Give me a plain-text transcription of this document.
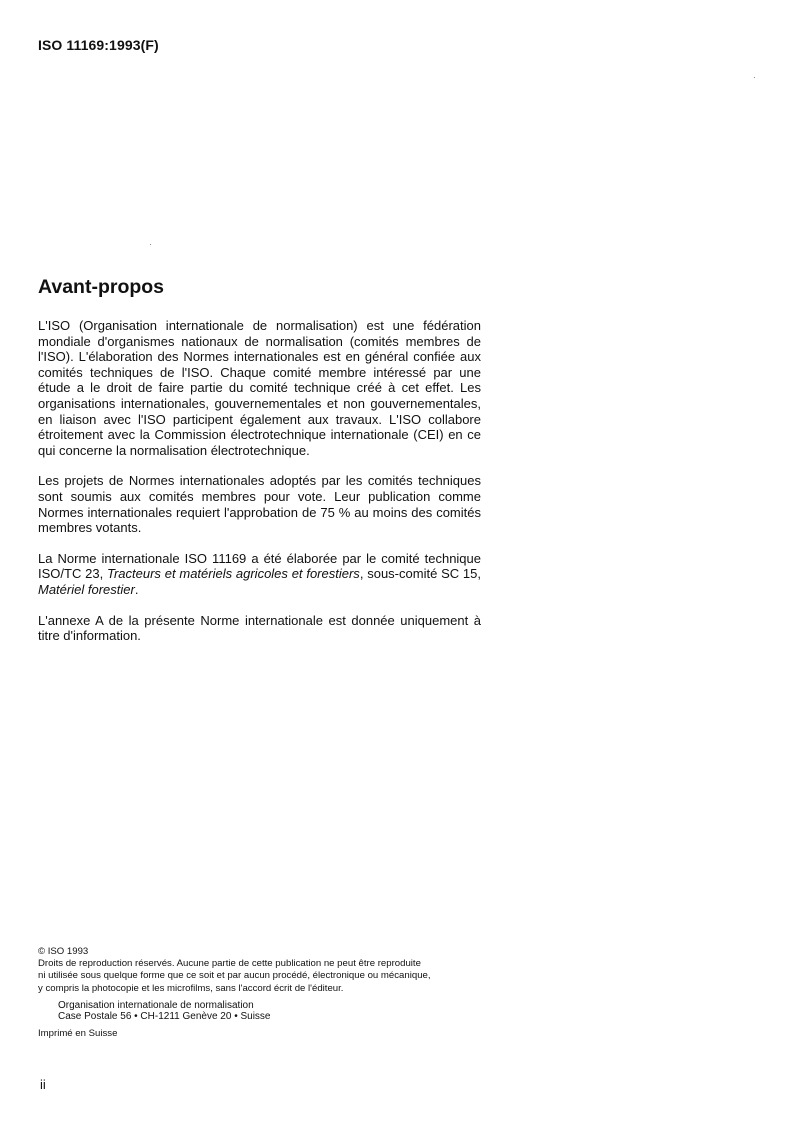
ISO 11169:1993(F)
Avant-propos

L'ISO (Organisation internationale de normalisation) est une fédération mondiale d'organismes nationaux de normalisation (comités membres de l'ISO). L'élaboration des Normes internationales est en général confiée aux comités techniques de l'ISO. Chaque comité membre intéressé par une étude a le droit de faire partie du comité technique créé à cet effet. Les organisations internationales, gouvernementales et non gouvernementales, en liaison avec l'ISO participent également aux travaux. L'ISO collabore étroitement avec la Commission électrotechnique internationale (CEI) en ce qui concerne la normalisation électrotechnique.

Les projets de Normes internationales adoptés par les comités techniques sont soumis aux comités membres pour vote. Leur publication comme Normes internationales requiert l'approbation de 75 % au moins des comités membres votants.

La Norme internationale ISO 11169 a été élaborée par le comité technique ISO/TC 23, Tracteurs et matériels agricoles et forestiers, sous-comité SC 15, Matériel forestier.

L'annexe A de la présente Norme internationale est donnée uniquement à titre d'information.

© ISO 1993
Droits de reproduction réservés. Aucune partie de cette publication ne peut être reproduite
ni utilisée sous quelque forme que ce soit et par aucun procédé, électronique ou mécanique,
y compris la photocopie et les microfilms, sans l'accord écrit de l'éditeur.
Organisation internationale de normalisation
Case Postale 56 • CH-1211 Genève 20 • Suisse
Imprimé en Suisse
ii
